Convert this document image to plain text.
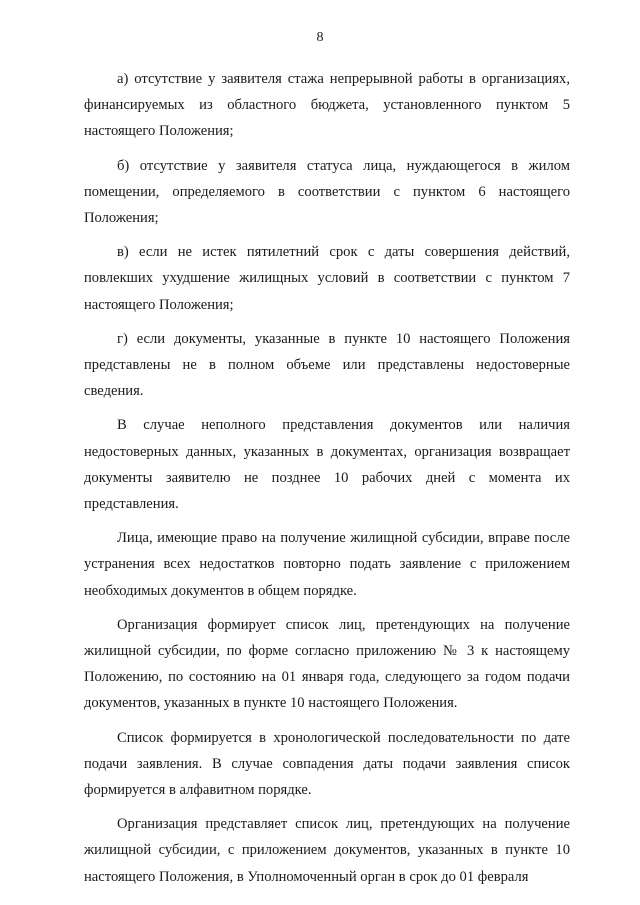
8

а) отсутствие у заявителя стажа непрерывной работы в организациях, финансируемых из областного бюджета, установленного пунктом 5 настоящего Положения;

б) отсутствие у заявителя статуса лица, нуждающегося в жилом помещении, определяемого в соответствии с пунктом 6 настоящего Положения;

в) если не истек пятилетний срок с даты совершения действий, повлекших ухудшение жилищных условий в соответствии с пунктом 7 настоящего Положения;

г) если документы, указанные в пункте 10 настоящего Положения представлены не в полном объеме или представлены недостоверные сведения.

В случае неполного представления документов или наличия недостоверных данных, указанных в документах, организация возвращает документы заявителю не позднее 10 рабочих дней с момента их представления.

Лица, имеющие право на получение жилищной субсидии, вправе после устранения всех недостатков повторно подать заявление с приложением необходимых документов в общем порядке.

Организация формирует список лиц, претендующих на получение жилищной субсидии, по форме согласно приложению № 3 к настоящему Положению, по состоянию на 01 января года, следующего за годом подачи документов, указанных в пункте 10 настоящего Положения.

Список формируется в хронологической последовательности по дате подачи заявления. В случае совпадения даты подачи заявления список формируется в алфавитном порядке.

Организация представляет список лиц, претендующих на получение жилищной субсидии, с приложением документов, указанных в пункте 10 настоящего Положения, в Уполномоченный орган в срок до 01 февраля
